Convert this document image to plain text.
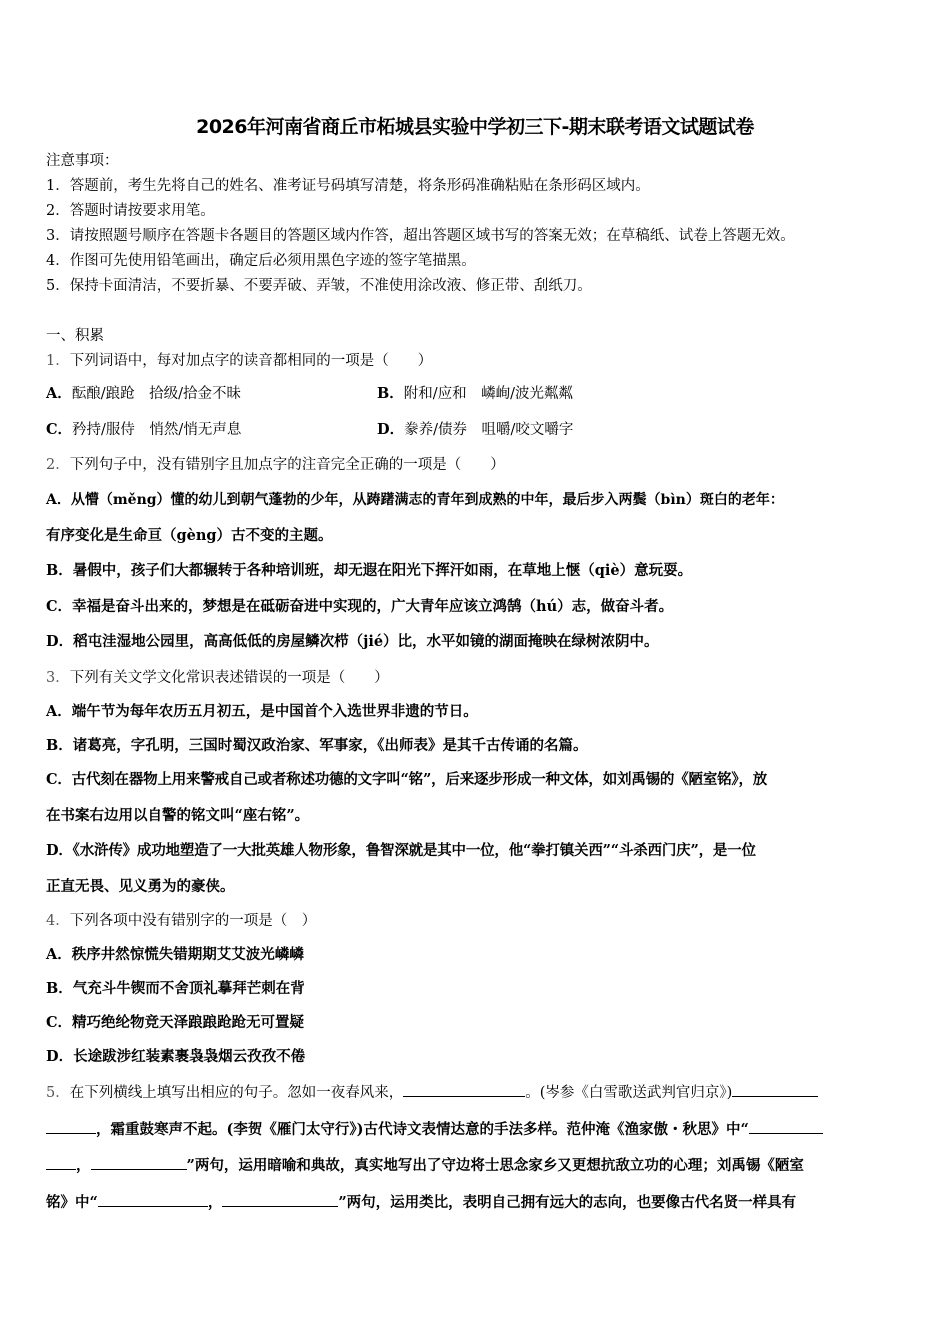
2026年河南省商丘市柘城县实验中学初三下-期末联考语文试题试卷
注意事项：
1．答题前，考生先将自己的姓名、准考证号码填写清楚，将条形码准确粘贴在条形码区域内。
2．答题时请按要求用笔。
3．请按照题号顺序在答题卡各题目的答题区域内作答，超出答题区域书写的答案无效；在草稿纸、试卷上答题无效。
4．作图可先使用铅笔画出，确定后必须用黑色字迹的签字笔描黑。
5．保持卡面清洁，不要折暴、不要弄破、弄皱，不准使用涂改液、修正带、刮纸刀。
一、积累
1．下列词语中，每对加点字的读音都相同的一项是（　　）
A．酝酿/踉跄　拾级/拾金不昧	B．附和/应和　嶙峋/波光粼粼
C．矜持/服侍　悄然/悄无声息	D．豢养/债券　咀嚼/咬文嚼字
2．下列句子中，没有错别字且加点字的注音完全正确的一项是（　　）
A．从懵（měng）懂的幼儿到朝气蓬勃的少年，从踌躇满志的青年到成熟的中年，最后步入两鬓（bìn）斑白的老年：
有序变化是生命亘（gèng）古不变的主题。
B．暑假中，孩子们大都辗转于各种培训班，却无遐在阳光下挥汗如雨，在草地上惬（qiè）意玩耍。
C．幸福是奋斗出来的，梦想是在砥砺奋进中实现的，广大青年应该立鸿鹄（hú）志，做奋斗者。
D．稻屯洼湿地公园里，高高低低的房屋鳞次栉（jié）比，水平如镜的湖面掩映在绿树浓阴中。
3．下列有关文学文化常识表述错误的一项是（　　）
A．端午节为每年农历五月初五，是中国首个入选世界非遗的节日。
B．诸葛亮，字孔明，三国时蜀汉政治家、军事家，《出师表》是其千古传诵的名篇。
C．古代刻在器物上用来警戒自己或者称述功德的文字叫“铭”，后来逐步形成一种文体，如刘禹锡的《陋室铭》，放
在书案右边用以自警的铭文叫“座右铭”。
D．《水浒传》成功地塑造了一大批英雄人物形象，鲁智深就是其中一位，他“拳打镇关西”“斗杀西门庆”，是一位
正直无畏、见义勇为的豪侠。
4．下列各项中没有错别字的一项是（　）
A．秩序井然惊慌失错期期艾艾波光嶙嶙
B．气充斗牛锲而不舍顶礼摹拜芒刺在背
C．精巧绝纶物竞天泽踉踉跄跄无可置疑
D．长途跋涉红装素裹袅袅烟云孜孜不倦
5．在下列横线上填写出相应的句子。忽如一夜春风来，	。(岑参《白雪歌送武判官归京》)
，霜重鼓寒声不起。(李贺《雁门太守行》)古代诗文表情达意的手法多样。范仲淹《渔家傲・秋思》中“
，	”两句，运用暗喻和典故，真实地写出了守边将士思念家乡又更想抗敌立功的心理；刘禹锡《陋室
铭》中“	，	”两句，运用类比，表明自己拥有远大的志向，也要像古代名贤一样具有
